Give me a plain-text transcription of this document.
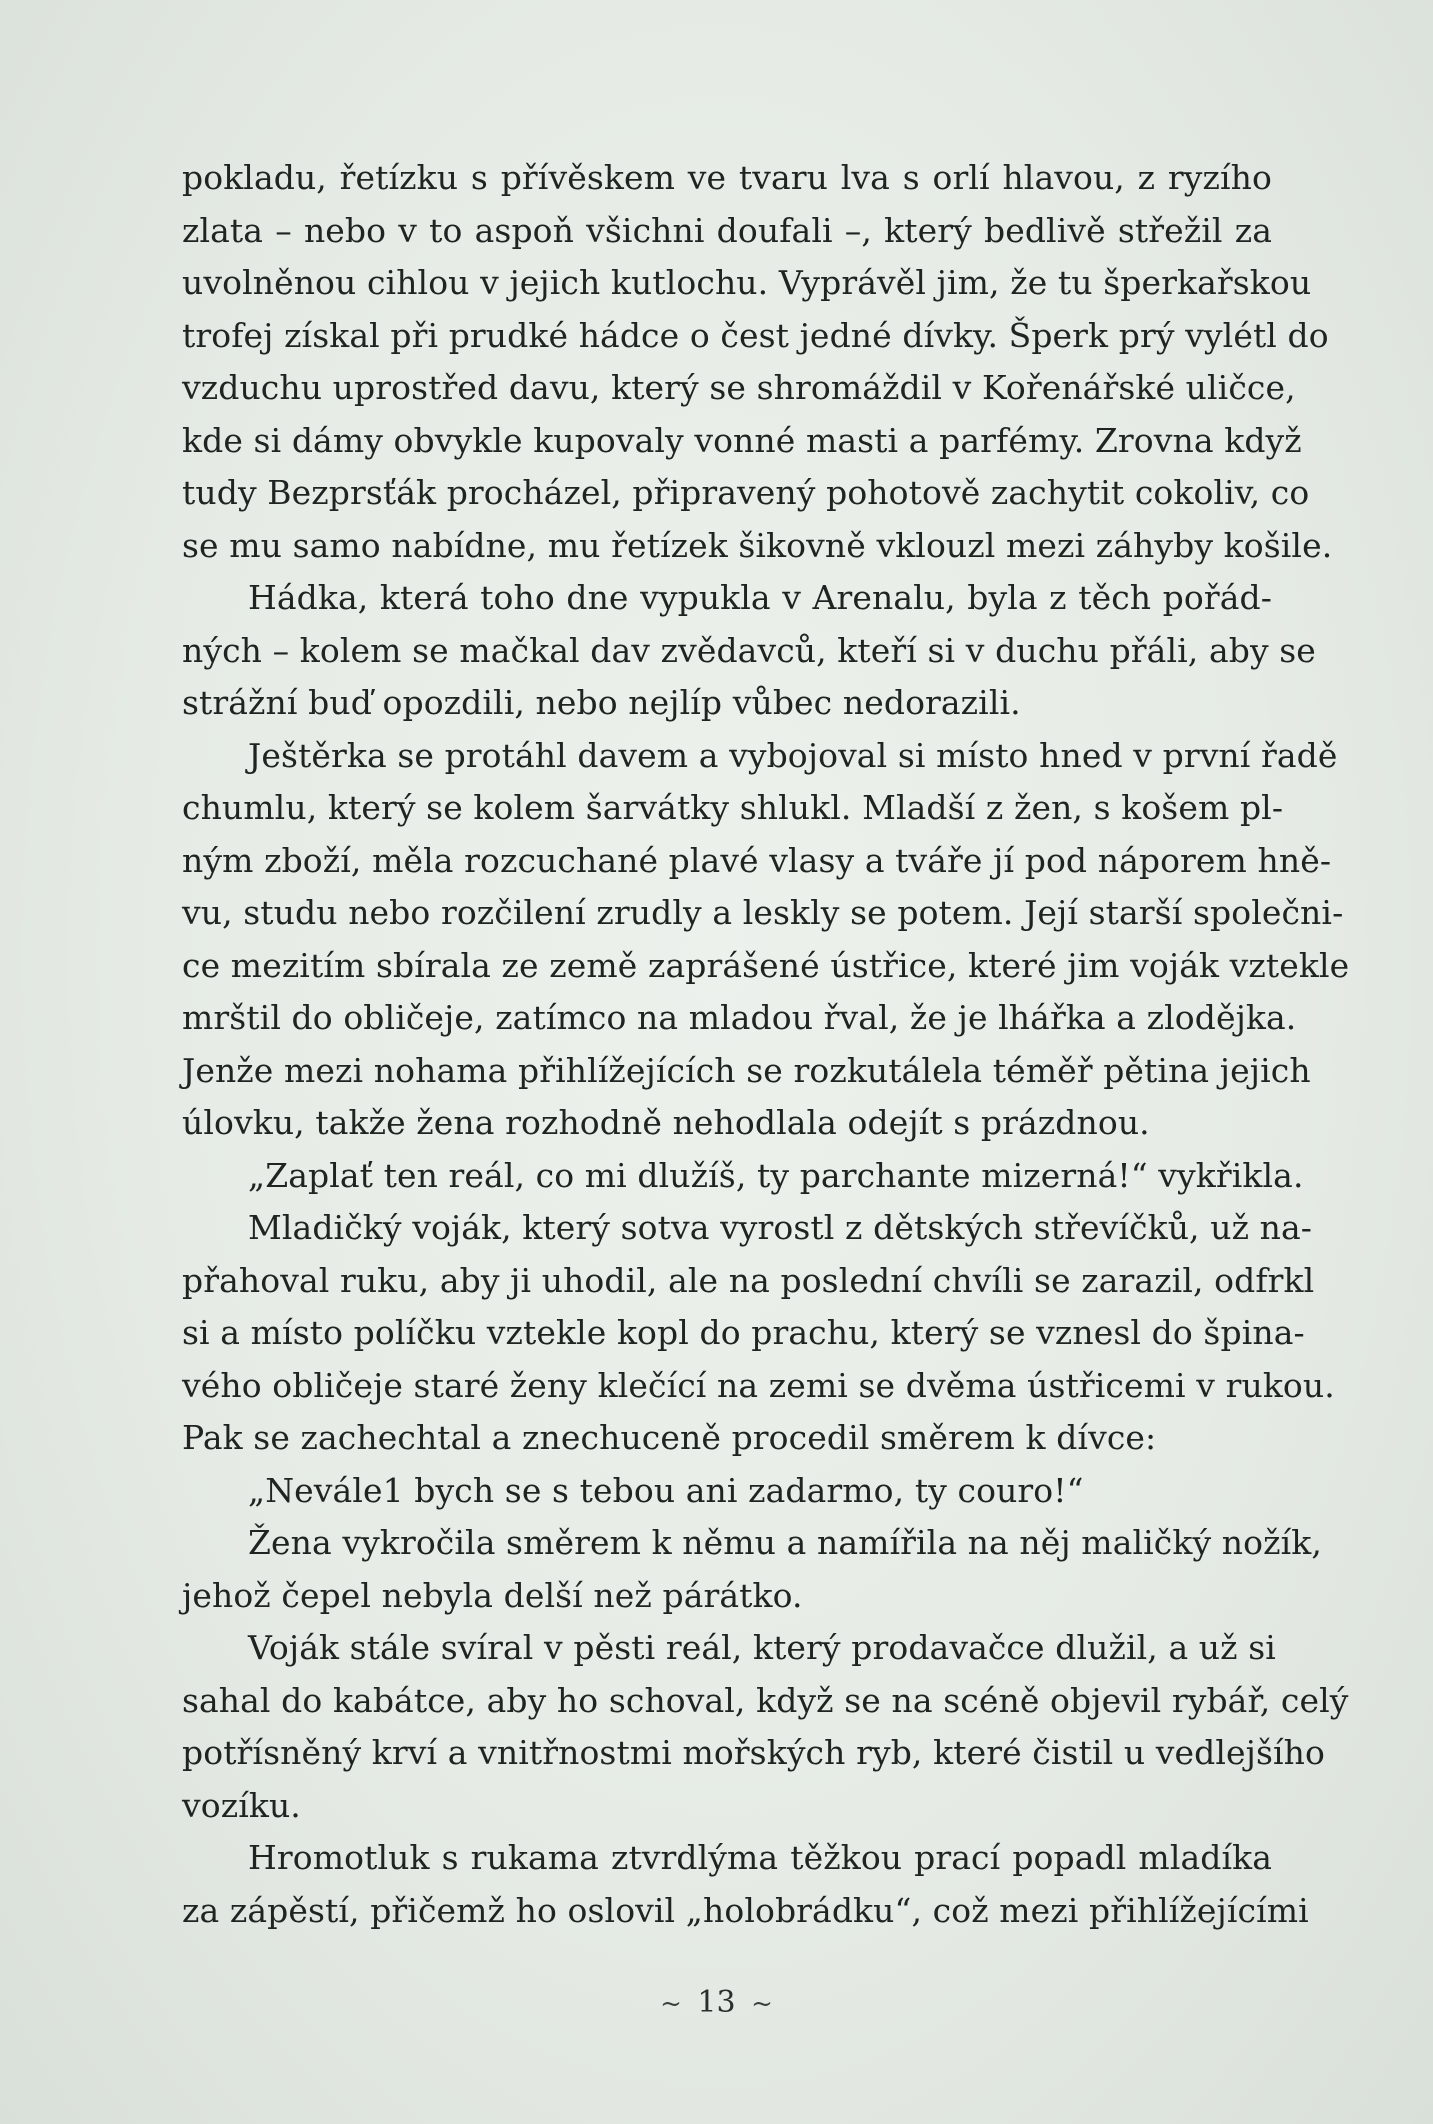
pokladu, řetízku s přívěskem ve tvaru lva s orlí hlavou, z ryzího
zlata – nebo v to aspoň všichni doufali –, který bedlivě střežil za
uvolněnou cihlou v jejich kutlochu. Vyprávěl jim, že tu šperkařskou
trofej získal při prudké hádce o čest jedné dívky. Šperk prý vylétl do
vzduchu uprostřed davu, který se shromáždil v Kořenářské uličce,
kde si dámy obvykle kupovaly vonné masti a parfémy. Zrovna když
tudy Bezprsťák procházel, připravený pohotově zachytit cokoliv, co
se mu samo nabídne, mu řetízek šikovně vklouzl mezi záhyby košile.
Hádka, která toho dne vypukla v Arenalu, byla z těch pořád-
ných – kolem se mačkal dav zvědavců, kteří si v duchu přáli, aby se
strážní buď opozdili, nebo nejlíp vůbec nedorazili.
Ještěrka se protáhl davem a vybojoval si místo hned v první řadě
chumlu, který se kolem šarvátky shlukl. Mladší z žen, s košem pl-
ným zboží, měla rozcuchané plavé vlasy a tváře jí pod náporem hně-
vu, studu nebo rozčilení zrudly a leskly se potem. Její starší společni-
ce mezitím sbírala ze země zaprášené ústřice, které jim voják vztekle
mrštil do obličeje, zatímco na mladou řval, že je lhářka a zlodějka.
Jenže mezi nohama přihlížejících se rozkutálela téměř pětina jejich
úlovku, takže žena rozhodně nehodlala odejít s prázdnou.
„Zaplať ten reál, co mi dlužíš, ty parchante mizerná!“ vykřikla.
Mladičký voják, který sotva vyrostl z dětských střevíčků, už na-
přahoval ruku, aby ji uhodil, ale na poslední chvíli se zarazil, odfrkl
si a místo políčku vztekle kopl do prachu, který se vznesl do špina-
vého obličeje staré ženy klečící na zemi se dvěma ústřicemi v rukou.
Pak se zachechtal a znechuceně procedil směrem k dívce:
„Nevále1 bych se s tebou ani zadarmo, ty couro!“
Žena vykročila směrem k němu a namířila na něj maličký nožík,
jehož čepel nebyla delší než párátko.
Voják stále svíral v pěsti reál, který prodavačce dlužil, a už si
sahal do kabátce, aby ho schoval, když se na scéně objevil rybář, celý
potřísněný krví a vnitřnostmi mořských ryb, které čistil u vedlejšího
vozíku.
Hromotluk s rukama ztvrdlýma těžkou prací popadl mladíka
za zápěstí, přičemž ho oslovil „holobrádku“, což mezi přihlížejícími
~ 13 ~
